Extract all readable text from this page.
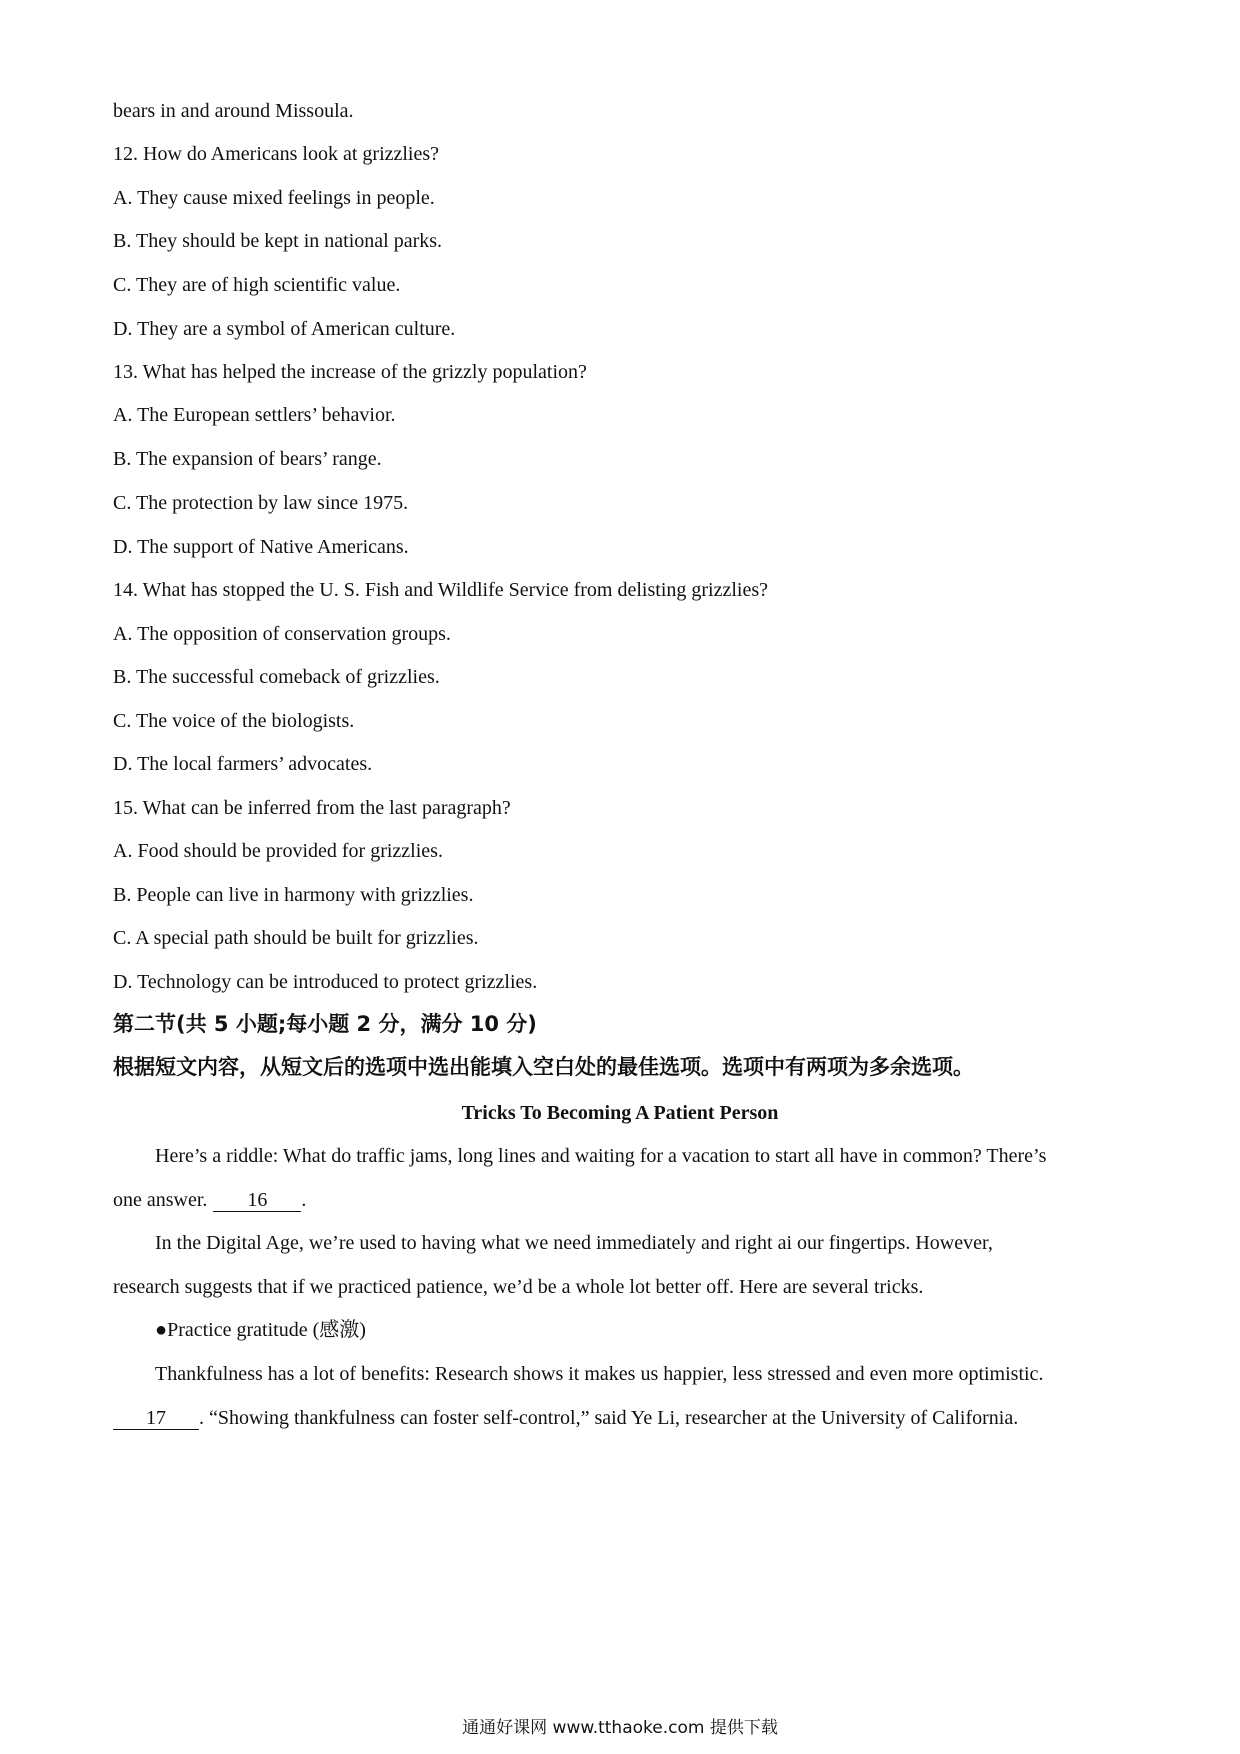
bears in and around Missoula.
12. How do Americans look at grizzlies?
A. They cause mixed feelings in people.
B. They should be kept in national parks.
C. They are of high scientific value.
D. They are a symbol of American culture.
13. What has helped the increase of the grizzly population?
A. The European settlers’ behavior.
B. The expansion of bears’ range.
C. The protection by law since 1975.
D. The support of Native Americans.
14. What has stopped the U. S. Fish and Wildlife Service from delisting grizzlies?
A. The opposition of conservation groups.
B. The successful comeback of grizzlies.
C. The voice of the biologists.
D. The local farmers’ advocates.
15. What can be inferred from the last paragraph?
A. Food should be provided for grizzlies.
B. People can live in harmony with grizzlies.
C. A special path should be built for grizzlies.
D. Technology can be introduced to protect grizzlies.
第二节(共 5 小题;每小题 2 分，满分 10 分)
根据短文内容，从短文后的选项中选出能填入空白处的最佳选项。选项中有两项为多余选项。
Tricks To Becoming A Patient Person
Here’s a riddle: What do traffic jams, long lines and waiting for a vacation to start all have in common? There’s
one answer. 16 .
In the Digital Age, we’re used to having what we need immediately and right ai our fingertips. However,
research suggests that if we practiced patience, we’d be a whole lot better off. Here are several tricks.
●Practice gratitude (感激)
Thankfulness has a lot of benefits: Research shows it makes us happier, less stressed and even more optimistic.
17 . “Showing thankfulness can foster self-control,” said Ye Li, researcher at the University of California.
通通好课网 www.tthaoke.com 提供下载
